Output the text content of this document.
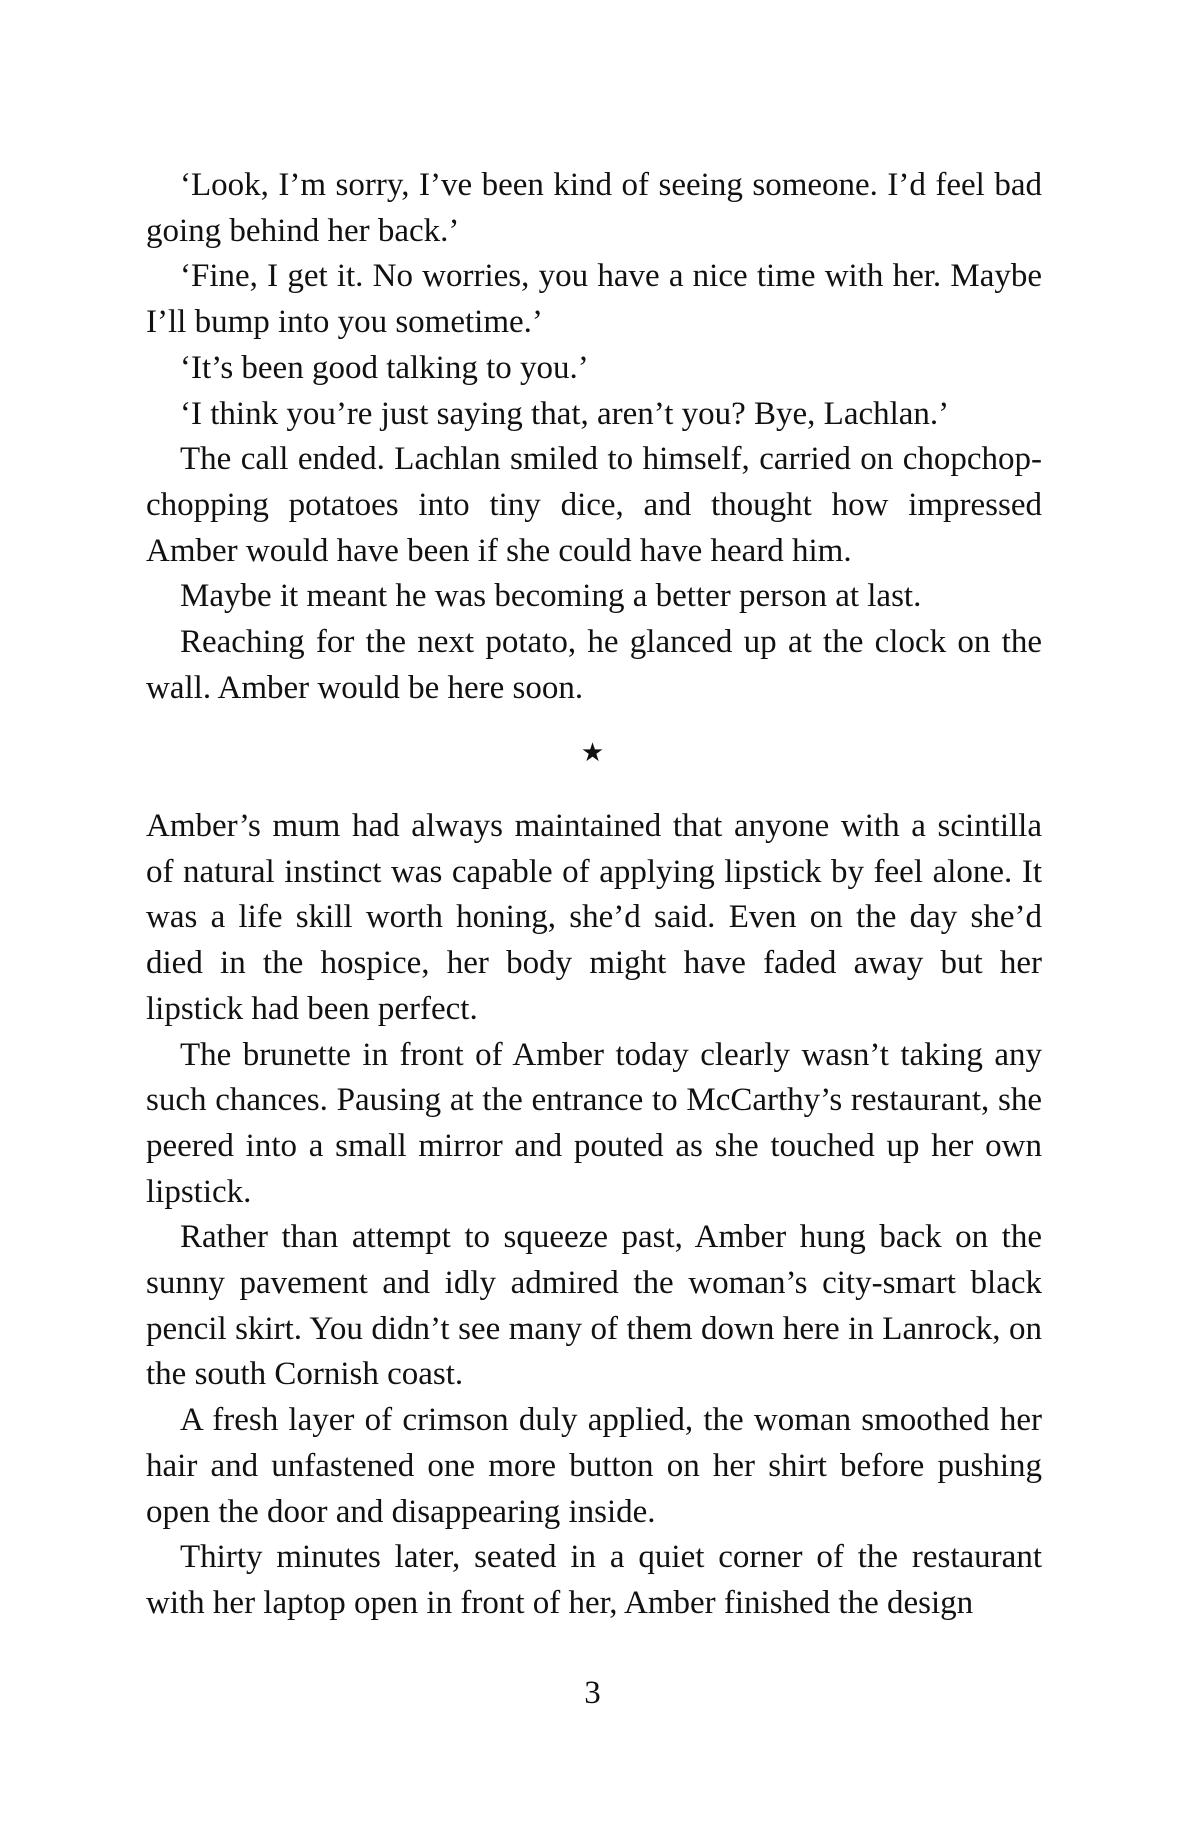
‘Look, I’m sorry, I’ve been kind of seeing someone. I’d feel bad going behind her back.’

‘Fine, I get it. No worries, you have a nice time with her. Maybe I’ll bump into you sometime.’

‘It’s been good talking to you.’

‘I think you’re just saying that, aren’t you? Bye, Lachlan.’

The call ended. Lachlan smiled to himself, carried on chopchop-chopping potatoes into tiny dice, and thought how impressed Amber would have been if she could have heard him.

Maybe it meant he was becoming a better person at last.

Reaching for the next potato, he glanced up at the clock on the wall. Amber would be here soon.

★

Amber’s mum had always maintained that anyone with a scintilla of natural instinct was capable of applying lipstick by feel alone. It was a life skill worth honing, she’d said. Even on the day she’d died in the hospice, her body might have faded away but her lipstick had been perfect.

The brunette in front of Amber today clearly wasn’t taking any such chances. Pausing at the entrance to McCarthy’s restaurant, she peered into a small mirror and pouted as she touched up her own lipstick.

Rather than attempt to squeeze past, Amber hung back on the sunny pavement and idly admired the woman’s city-smart black pencil skirt. You didn’t see many of them down here in Lanrock, on the south Cornish coast.

A fresh layer of crimson duly applied, the woman smoothed her hair and unfastened one more button on her shirt before pushing open the door and disappearing inside.

Thirty minutes later, seated in a quiet corner of the restaurant with her laptop open in front of her, Amber finished the design

3
